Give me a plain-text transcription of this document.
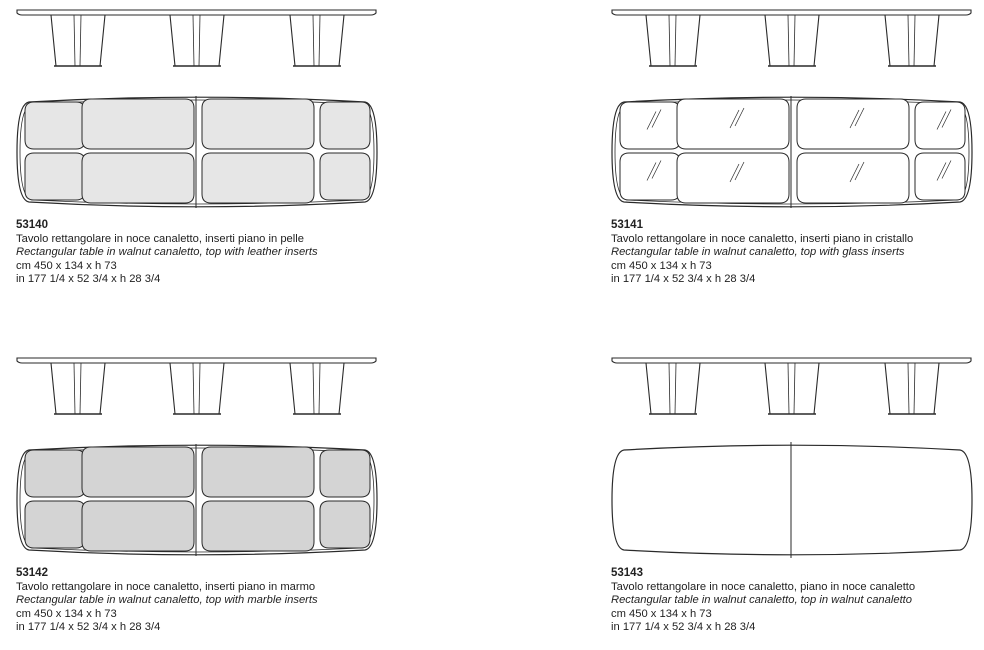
53140
Tavolo rettangolare in noce canaletto, inserti piano in pelle
Rectangular table in walnut canaletto, top with leather inserts
cm 450 x 134 x h 73
in 177 1/4 x 52 3/4 x h 28 3/4
53141
Tavolo rettangolare in noce canaletto, inserti piano in cristallo
Rectangular table in walnut canaletto, top with glass inserts
cm 450 x 134 x h 73
in 177 1/4 x 52 3/4 x h 28 3/4
53142
Tavolo rettangolare in noce canaletto, inserti piano in marmo
Rectangular table in walnut canaletto, top with marble inserts
cm 450 x 134 x h 73
in 177 1/4 x 52 3/4 x h 28 3/4
53143
Tavolo rettangolare in noce canaletto, piano in noce canaletto
Rectangular table in walnut canaletto, top in walnut canaletto
cm 450 x 134 x h 73
in 177 1/4 x 52 3/4 x h 28 3/4
